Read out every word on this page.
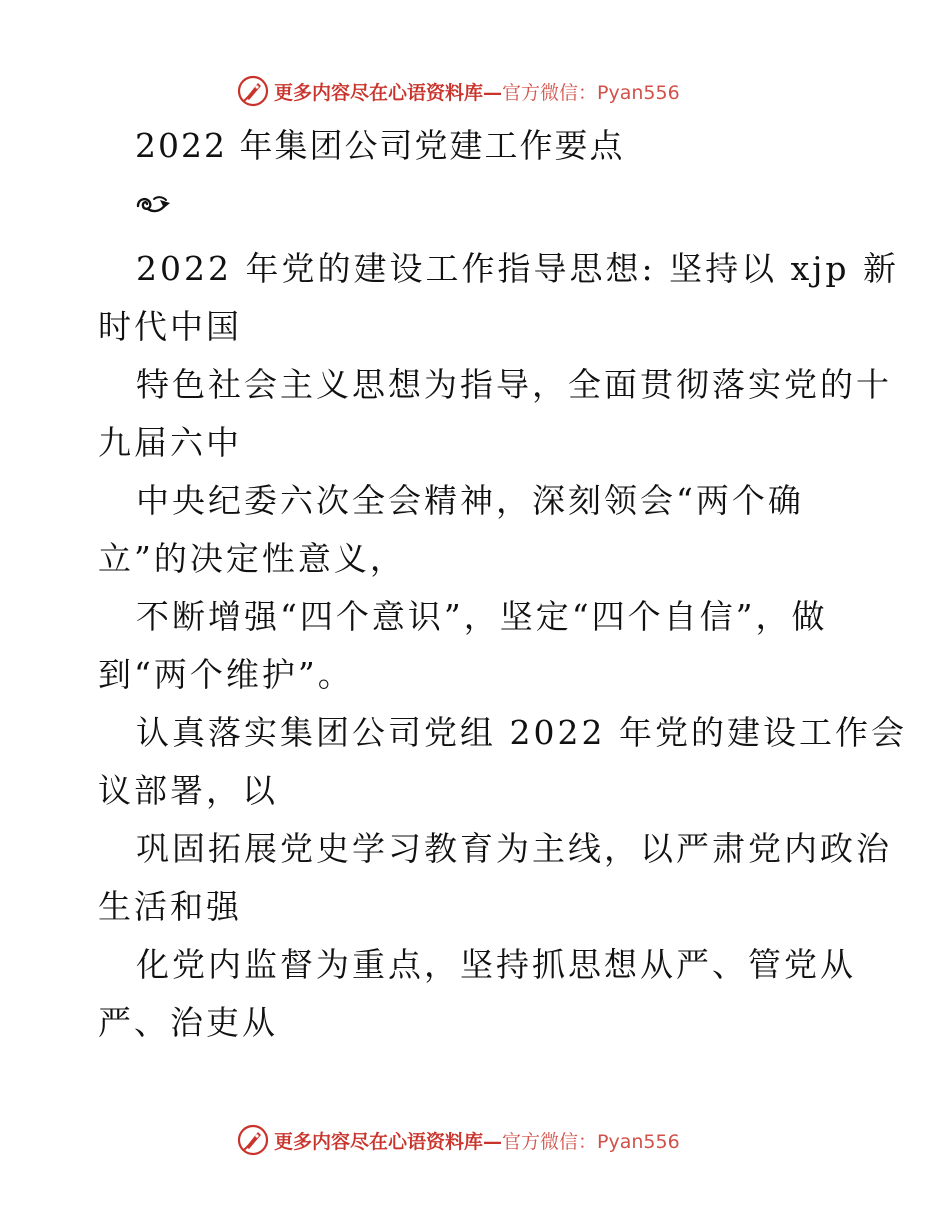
更多内容尽在心语资料库— 官方微信：Pyan556
2022 年集团公司党建工作要点
2022 年党的建设工作指导思想: 坚持以 xjp 新
时代中国
特色社会主义思想为指导，全面贯彻落实党的十
九届六中
中央纪委六次全会精神，深刻领会“两个确
立”的决定性意义，
不断增强“四个意识”，坚定“四个自信”，做
到“两个维护”。
认真落实集团公司党组 2022 年党的建设工作会
议部署，以
巩固拓展党史学习教育为主线，以严肃党内政治
生活和强
化党内监督为重点，坚持抓思想从严、管党从
严、治吏从
更多内容尽在心语资料库— 官方微信：Pyan556
